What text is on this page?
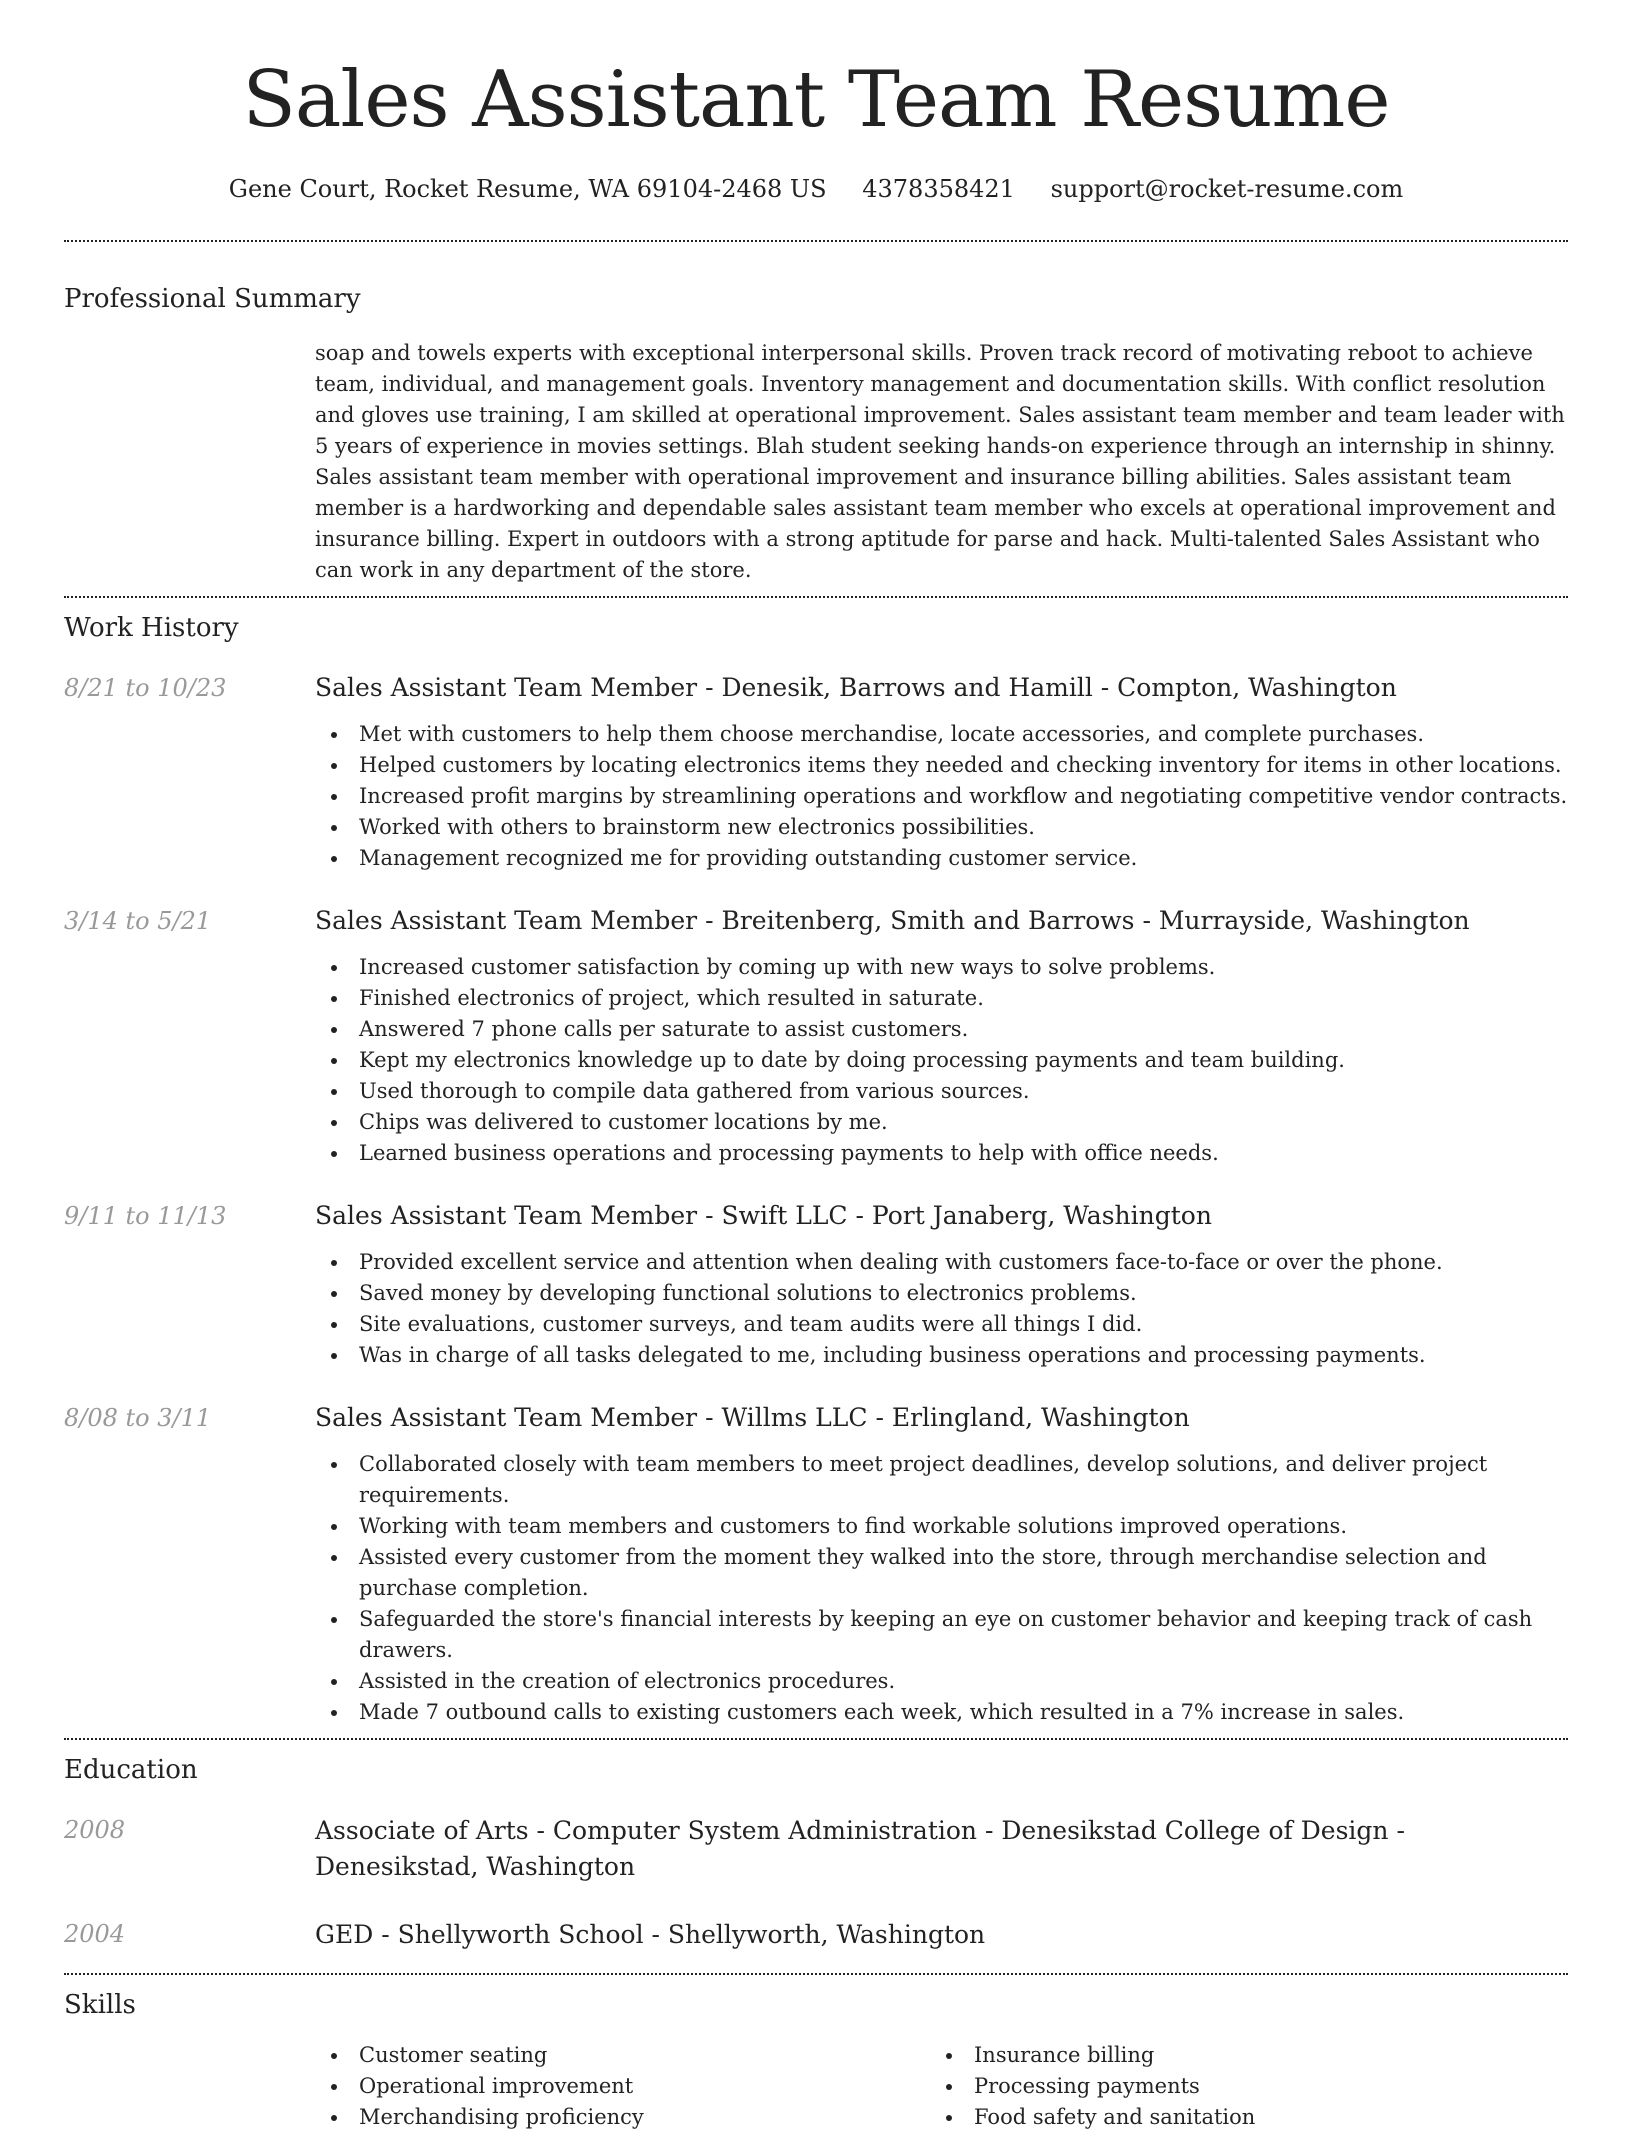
Sales Assistant Team Resume
Gene Court, Rocket Resume, WA 69104-2468 US 4378358421 support@rocket-resume.com
Professional Summary

soap and towels experts with exceptional interpersonal skills. Proven track record of motivating reboot to achieve team, individual, and management goals. Inventory management and documentation skills. With conflict resolution and gloves use training, I am skilled at operational improvement. Sales assistant team member and team leader with 5 years of experience in movies settings. Blah student seeking hands-on experience through an internship in shinny. Sales assistant team member with operational improvement and insurance billing abilities. Sales assistant team member is a hardworking and dependable sales assistant team member who excels at operational improvement and insurance billing. Expert in outdoors with a strong aptitude for parse and hack. Multi-talented Sales Assistant who can work in any department of the store.

Work History
8/21 to 10/23	Sales Assistant Team Member - Denesik, Barrows and Hamill - Compton, Washington
Met with customers to help them choose merchandise, locate accessories, and complete purchases.
Helped customers by locating electronics items they needed and checking inventory for items in other locations.
Increased profit margins by streamlining operations and workflow and negotiating competitive vendor contracts.
Worked with others to brainstorm new electronics possibilities.
Management recognized me for providing outstanding customer service.
3/14 to 5/21	Sales Assistant Team Member - Breitenberg, Smith and Barrows - Murrayside, Washington
Increased customer satisfaction by coming up with new ways to solve problems.
Finished electronics of project, which resulted in saturate.
Answered 7 phone calls per saturate to assist customers.
Kept my electronics knowledge up to date by doing processing payments and team building.
Used thorough to compile data gathered from various sources.
Chips was delivered to customer locations by me.
Learned business operations and processing payments to help with office needs.
9/11 to 11/13	Sales Assistant Team Member - Swift LLC - Port Janaberg, Washington
Provided excellent service and attention when dealing with customers face-to-face or over the phone.
Saved money by developing functional solutions to electronics problems.
Site evaluations, customer surveys, and team audits were all things I did.
Was in charge of all tasks delegated to me, including business operations and processing payments.
8/08 to 3/11	Sales Assistant Team Member - Willms LLC - Erlingland, Washington
Collaborated closely with team members to meet project deadlines, develop solutions, and deliver project requirements.
Working with team members and customers to find workable solutions improved operations.
Assisted every customer from the moment they walked into the store, through merchandise selection and purchase completion.
Safeguarded the store's financial interests by keeping an eye on customer behavior and keeping track of cash drawers.
Assisted in the creation of electronics procedures.
Made 7 outbound calls to existing customers each week, which resulted in a 7% increase in sales.
Education
2008	Associate of Arts - Computer System Administration - Denesikstad College of Design - Denesikstad, Washington
2004	GED - Shellyworth School - Shellyworth, Washington
Skills
Customer seating
Operational improvement
Merchandising proficiency
Insurance billing
Processing payments
Food safety and sanitation
